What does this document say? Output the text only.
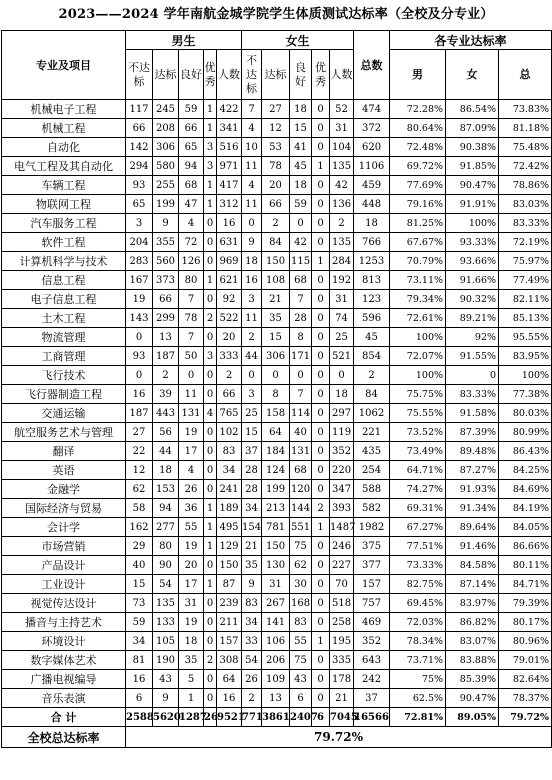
2023——2024 学年南航金城学院学生体质测试达标率（全校及分专业）
专业及项目	男生					女生					总数	各专业达标率		
	不达标	达标	良好	优秀	人数	不达标	达标	良好	优秀	人数		男	女	总
机械电子工程	117	245	59	1	422	7	27	18	0	52	474	72.28%	86.54%	73.83%
机械工程	66	208	66	1	341	4	12	15	0	31	372	80.64%	87.09%	81.18%
自动化	142	306	65	3	516	10	53	41	0	104	620	72.48%	90.38%	75.48%
电气工程及其自动化	294	580	94	3	971	11	78	45	1	135	1106	69.72%	91.85%	72.42%
车辆工程	93	255	68	1	417	4	20	18	0	42	459	77.69%	90.47%	78.86%
物联网工程	65	199	47	1	312	11	66	59	0	136	448	79.16%	91.91%	83.03%
汽车服务工程	3	9	4	0	16	0	2	0	0	2	18	81.25%	100%	83.33%
软件工程	204	355	72	0	631	9	84	42	0	135	766	67.67%	93.33%	72.19%
计算机科学与技术	283	560	126	0	969	18	150	115	1	284	1253	70.79%	93.66%	75.97%
信息工程	167	373	80	1	621	16	108	68	0	192	813	73.11%	91.66%	77.49%
电子信息工程	19	66	7	0	92	3	21	7	0	31	123	79.34%	90.32%	82.11%
土木工程	143	299	78	2	522	11	35	28	0	74	596	72.61%	89.21%	85.13%
物流管理	0	13	7	0	20	2	15	8	0	25	45	100%	92%	95.55%
工商管理	93	187	50	3	333	44	306	171	0	521	854	72.07%	91.55%	83.95%
飞行技术	0	2	0	0	2	0	0	0	0	0	2	100%	0	100%
飞行器制造工程	16	39	11	0	66	3	8	7	0	18	84	75.75%	83.33%	77.38%
交通运输	187	443	131	4	765	25	158	114	0	297	1062	75.55%	91.58%	80.03%
航空服务艺术与管理	27	56	19	0	102	15	64	40	0	119	221	73.52%	87.39%	80.99%
翻译	22	44	17	0	83	37	184	131	0	352	435	73.49%	89.48%	86.43%
英语	12	18	4	0	34	28	124	68	0	220	254	64.71%	87.27%	84.25%
金融学	62	153	26	0	241	28	199	120	0	347	588	74.27%	91.93%	84.69%
国际经济与贸易	58	94	36	1	189	34	213	144	2	393	582	69.31%	91.34%	84.19%
会计学	162	277	55	1	495	154	781	551	1	1487	1982	67.27%	89.64%	84.05%
市场营销	29	80	19	1	129	21	150	75	0	246	375	77.51%	91.46%	86.66%
产品设计	40	90	20	0	150	35	130	62	0	227	377	73.33%	84.58%	80.11%
工业设计	15	54	17	1	87	9	31	30	0	70	157	82.75%	87.14%	84.71%
视觉传达设计	73	135	31	0	239	83	267	168	0	518	757	69.45%	83.97%	79.39%
播音与主持艺术	59	133	19	0	211	34	141	83	0	258	469	72.03%	86.82%	80.17%
环境设计	34	105	18	0	157	33	106	55	1	195	352	78.34%	83.07%	80.96%
数字媒体艺术	81	190	35	2	308	54	206	75	0	335	643	73.71%	83.88%	79.01%
广播电视编导	16	43	5	0	64	26	109	43	0	178	242	75%	85.39%	82.64%
音乐表演	6	9	1	0	16	2	13	6	0	21	37	62.5%	90.47%	78.37%
合 计	2588	5620	1287	26	9521	771	3861	2407	6	7045	16566	72.81%	89.05%	79.72%
全校总达标率	79.72%													
